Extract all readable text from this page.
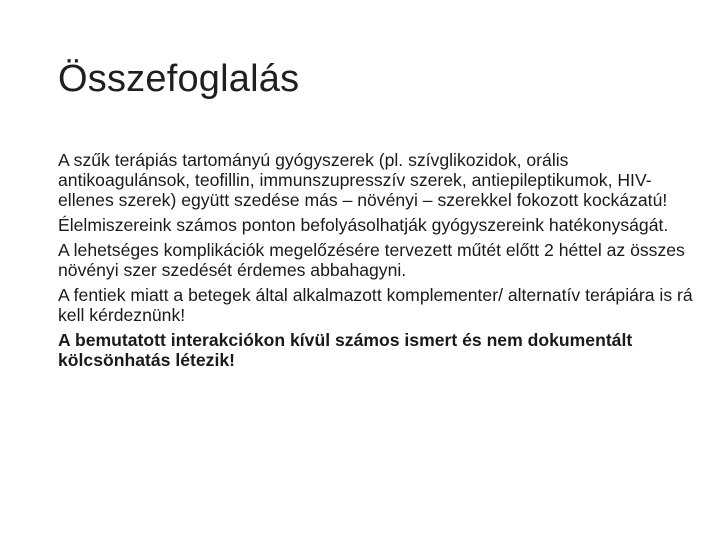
Összefoglalás

A szűk terápiás tartományú gyógyszerek (pl. szívglikozidok, orális antikoagulánsok, teofillin, immunszupresszív szerek, antiepileptikumok, HIV-ellenes szerek) együtt szedése más – növényi – szerekkel fokozott kockázatú!

Élelmiszereink számos ponton befolyásolhatják gyógyszereink hatékonyságát.

A lehetséges komplikációk megelőzésére tervezett műtét előtt 2 héttel az összes növényi szer szedését érdemes abbahagyni.

A fentiek miatt a betegek által alkalmazott komplementer/ alternatív terápiára is rá kell kérdeznünk!

A bemutatott interakciókon kívül számos ismert és nem dokumentált kölcsönhatás létezik!
